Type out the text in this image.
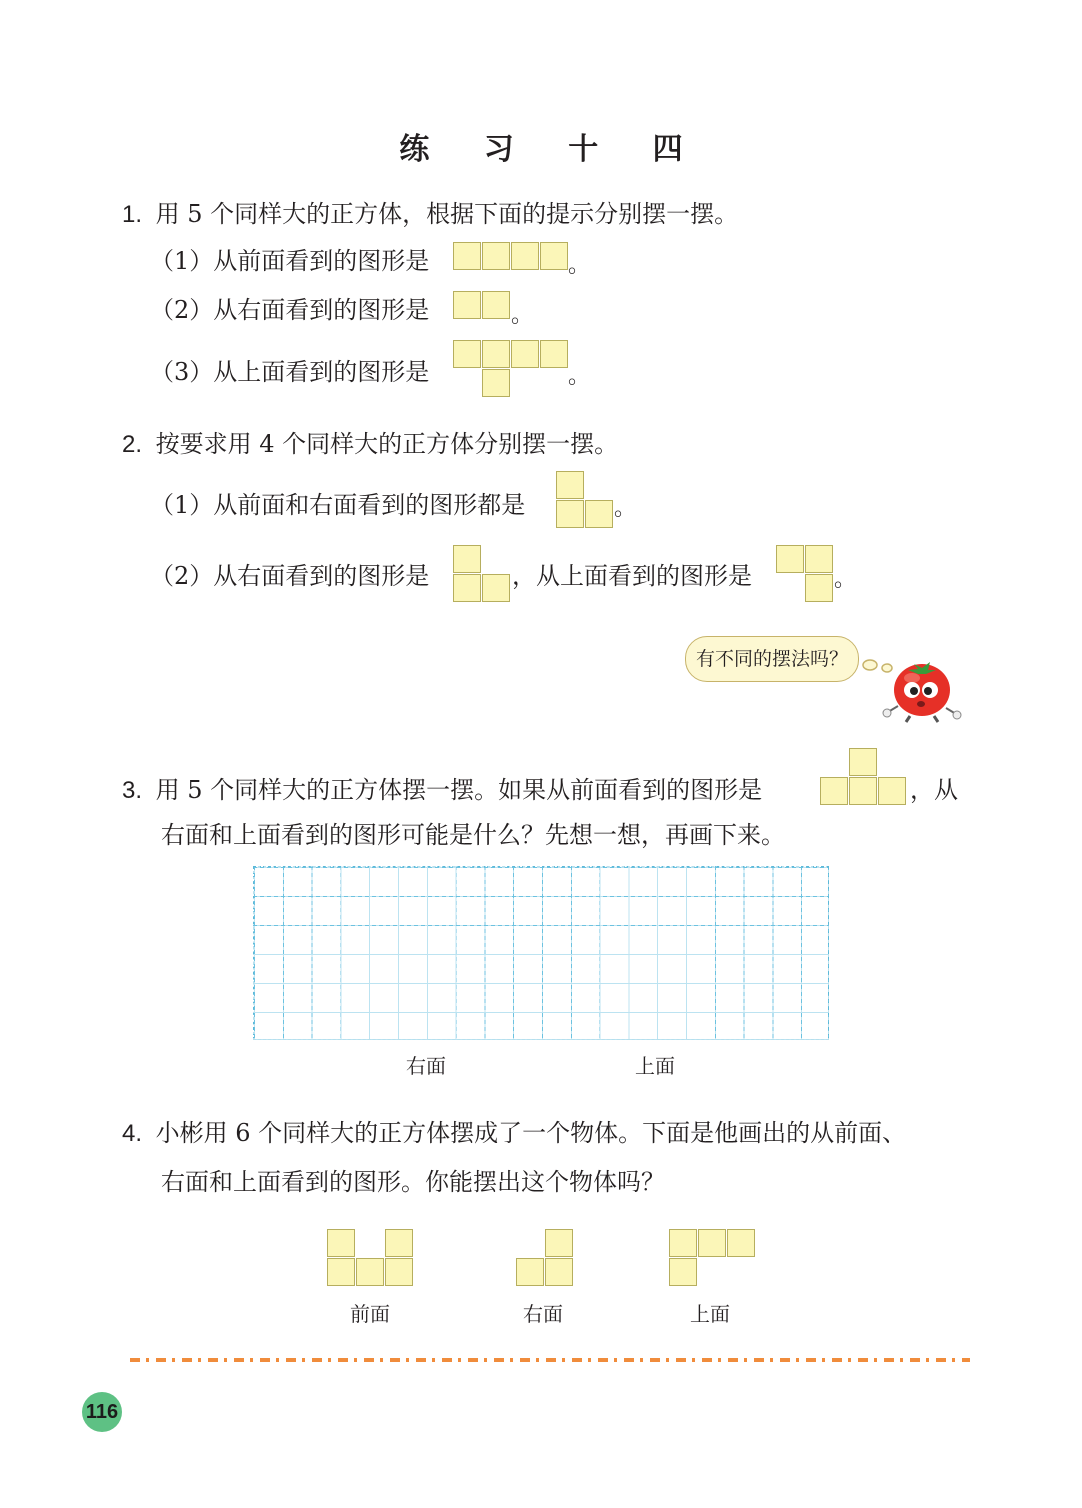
练 习 十 四
1. 用 5 个同样大的正方体，根据下面的提示分别摆一摆。
（1）从前面看到的图形是	。
（2）从右面看到的图形是	。
（3）从上面看到的图形是	。
2. 按要求用 4 个同样大的正方体分别摆一摆。
（1）从前面和右面看到的图形都是	。
（2）从右面看到的图形是	，从上面看到的图形是	。
有不同的摆法吗？
3. 用 5 个同样大的正方体摆一摆。如果从前面看到的图形是	，从
右面和上面看到的图形可能是什么？先想一想，再画下来。
右面	上面
4. 小彬用 6 个同样大的正方体摆成了一个物体。下面是他画出的从前面、
右面和上面看到的图形。你能摆出这个物体吗？
前面	右面	上面
116
